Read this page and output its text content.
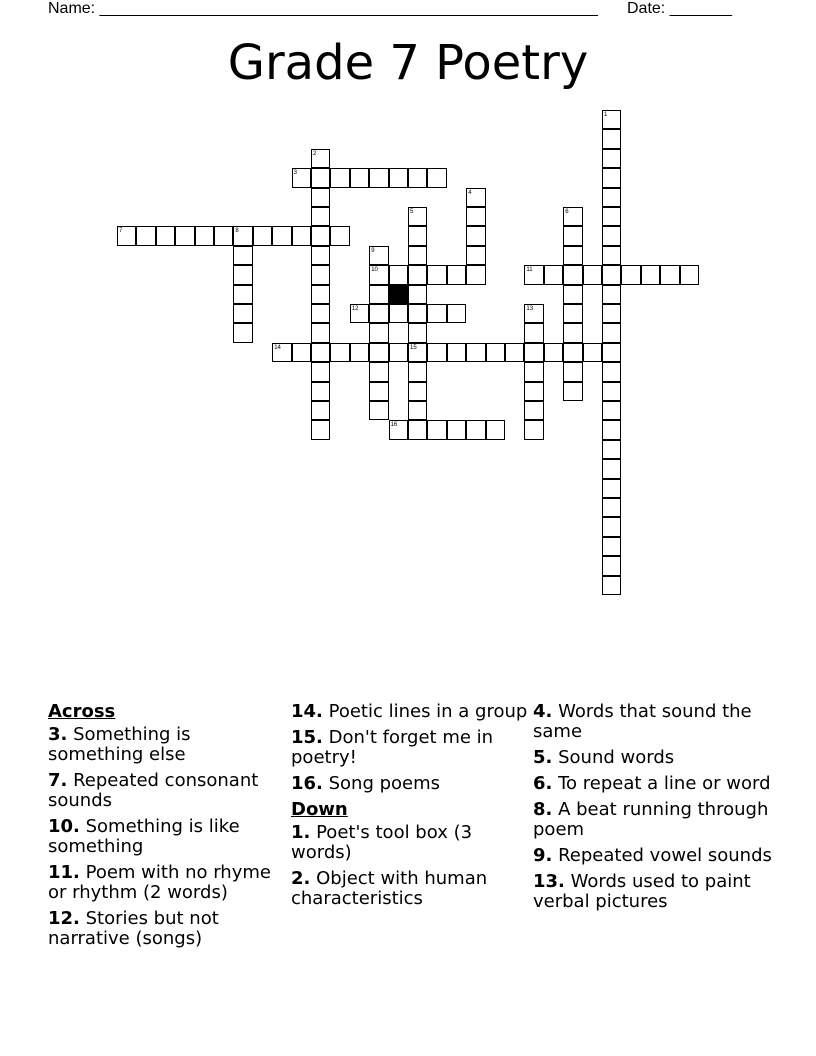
Name: ________________________________________________________ Date: _______
Grade 7 Poetry
1
2
3
4
5
15
6
7	8
9
10	11
12	13
14
16
Across
3. Something is something else
7. Repeated consonant sounds
10. Something is like something
11. Poem with no rhyme or rhythm (2 words)
12. Stories but not narrative (songs)
14. Poetic lines in a group
15. Don't forget me in poetry!
16. Song poems
Down
1. Poet's tool box (3 words)
2. Object with human characteristics
4. Words that sound the same
5. Sound words
6. To repeat a line or word
8. A beat running through poem
9. Repeated vowel sounds
13. Words used to paint verbal pictures
